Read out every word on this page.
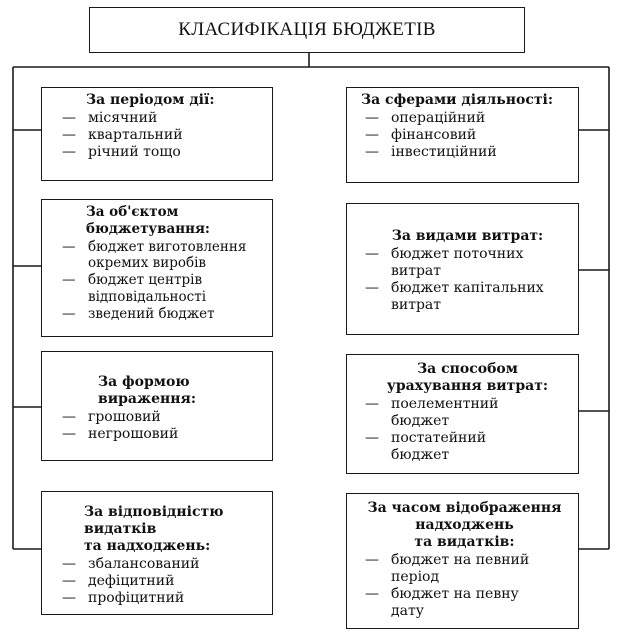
КЛАСИФІКАЦІЯ БЮДЖЕТІВ
За періодом дії:
— місячний
— квартальний
— річний тощо
За об'єктом
бюджетування:
— бюджет виготовлення
окремих виробів
— бюджет центрів
відповідальності
— зведений бюджет
За формою
вираження:
— грошовий
— негрошовий
За відповідністю
видатків
та надходжень:
— збалансований
— дефіцитний
— профіцитний
За сферами діяльності:
— операційний
— фінансовий
— інвестиційний
За видами витрат:
— бюджет поточних
витрат
— бюджет капітальних
витрат
За способом
урахування витрат:
— поелементний
бюджет
— постатейний
бюджет
За часом відображення
надходжень
та видатків:
— бюджет на певний
період
— бюджет на певну
дату
